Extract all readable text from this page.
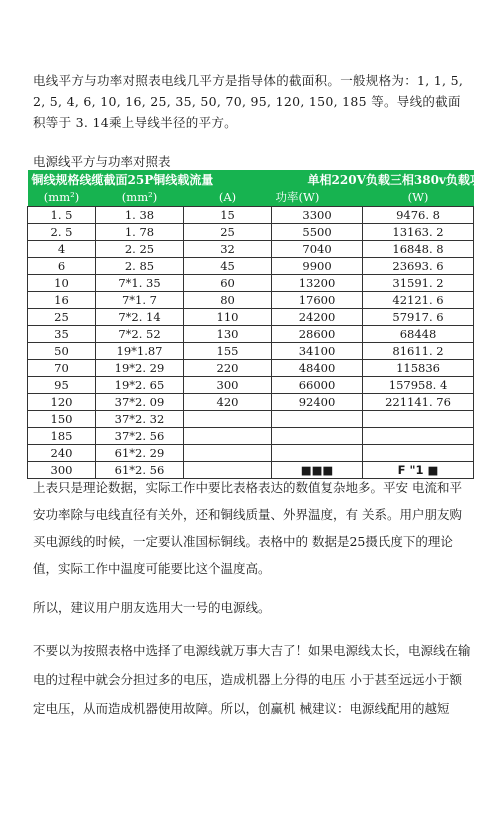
电线平方与功率对照表电线几平方是指导体的截面积。一般规格为：1, 1, 5, 2, 5, 4, 6, 10, 16, 25, 35, 50, 70, 95, 120, 150, 185 等。导线的截面积等于 3. 14乘上导线半径的平方。

电源线平方与功率对照表

铜线规格线缆截面25P铜线载流量			单相220V负载三相380v负载功率	
(mm²)	(mm²)	(A)	功率(W)	(W)
1. 5	1. 38	15	3300	9476. 8
2. 5	1. 78	25	5500	13163. 2
4	2. 25	32	7040	16848. 8
6	2. 85	45	9900	23693. 6
10	7*1. 35	60	13200	31591. 2
16	7*1. 7	80	17600	42121. 6
25	7*2. 14	110	24200	57917. 6
35	7*2. 52	130	28600	68448
50	19*1.87	155	34100	81611. 2
70	19*2. 29	220	48400	115836
95	19*2. 65	300	66000	157958. 4
120	37*2. 09	420	92400	221141. 76
150	37*2. 32			
185	37*2. 56			
240	61*2. 29			
300	61*2. 56		■■■	F "1 ■

上表只是理论数据，实际工作中要比表格表达的数值复杂地多。平安 电流和平安功率除与电线直径有关外，还和铜线质量、外界温度，有 关系。用户朋友购买电源线的时候，一定要认准国标铜线。表格中的 数据是25摄氏度下的理论值，实际工作中温度可能要比这个温度高。

所以，建议用户朋友选用大一号的电源线。

不要以为按照表格中选择了电源线就万事大吉了！如果电源线太长，电源线在输电的过程中就会分担过多的电压，造成机器上分得的电压 小于甚至远远小于额定电压，从而造成机器使用故障。所以，创赢机 械建议：电源线配用的越短
